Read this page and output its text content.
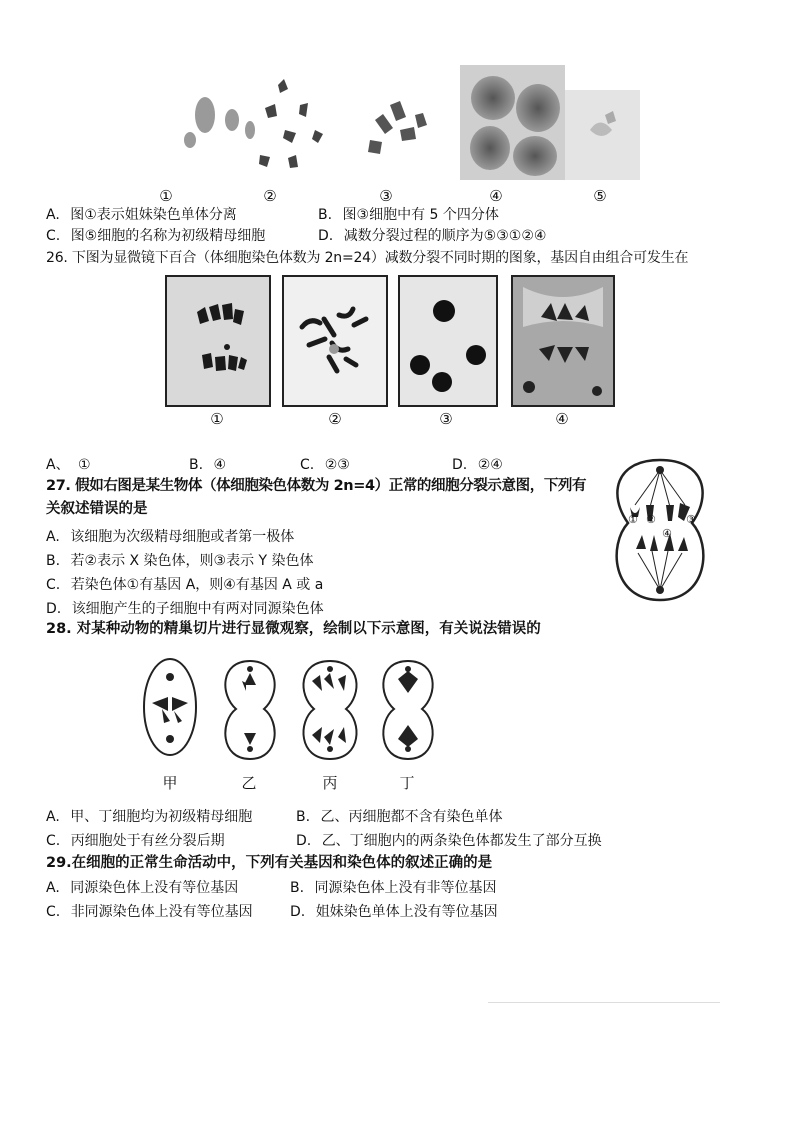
①	②	③	④	⑤
A. 图①表示姐妹染色单体分离	B. 图③细胞中有 5 个四分体
C. 图⑤细胞的名称为初级精母细胞	D. 减数分裂过程的顺序为⑤③①②④
26. 下图为显微镜下百合（体细胞染色体数为 2n=24）减数分裂不同时期的图象，基因自由组合可发生在
①	②	③	④
A、 ①	B. ④	C. ②③	D. ②④
27. 假如右图是某生物体（体细胞染色体数为 2n=4）正常的细胞分裂示意图，下列有
关叙述错误的是
A. 该细胞为次级精母细胞或者第一极体
B. 若②表示 X 染色体，则③表示 Y 染色体
C. 若染色体①有基因 A，则④有基因 A 或 a
D. 该细胞产生的子细胞中有两对同源染色体
① ②	③
④
28. 对某种动物的精巢切片进行显微观察，绘制以下示意图，有关说法错误的
甲	乙	丙	丁
A. 甲、丁细胞均为初级精母细胞	B. 乙、丙细胞都不含有染色单体
C. 丙细胞处于有丝分裂后期	D. 乙、丁细胞内的两条染色体都发生了部分互换
29.在细胞的正常生命活动中，下列有关基因和染色体的叙述正确的是
A. 同源染色体上没有等位基因	B. 同源染色体上没有非等位基因
C. 非同源染色体上没有等位基因	D. 姐妹染色单体上没有等位基因
